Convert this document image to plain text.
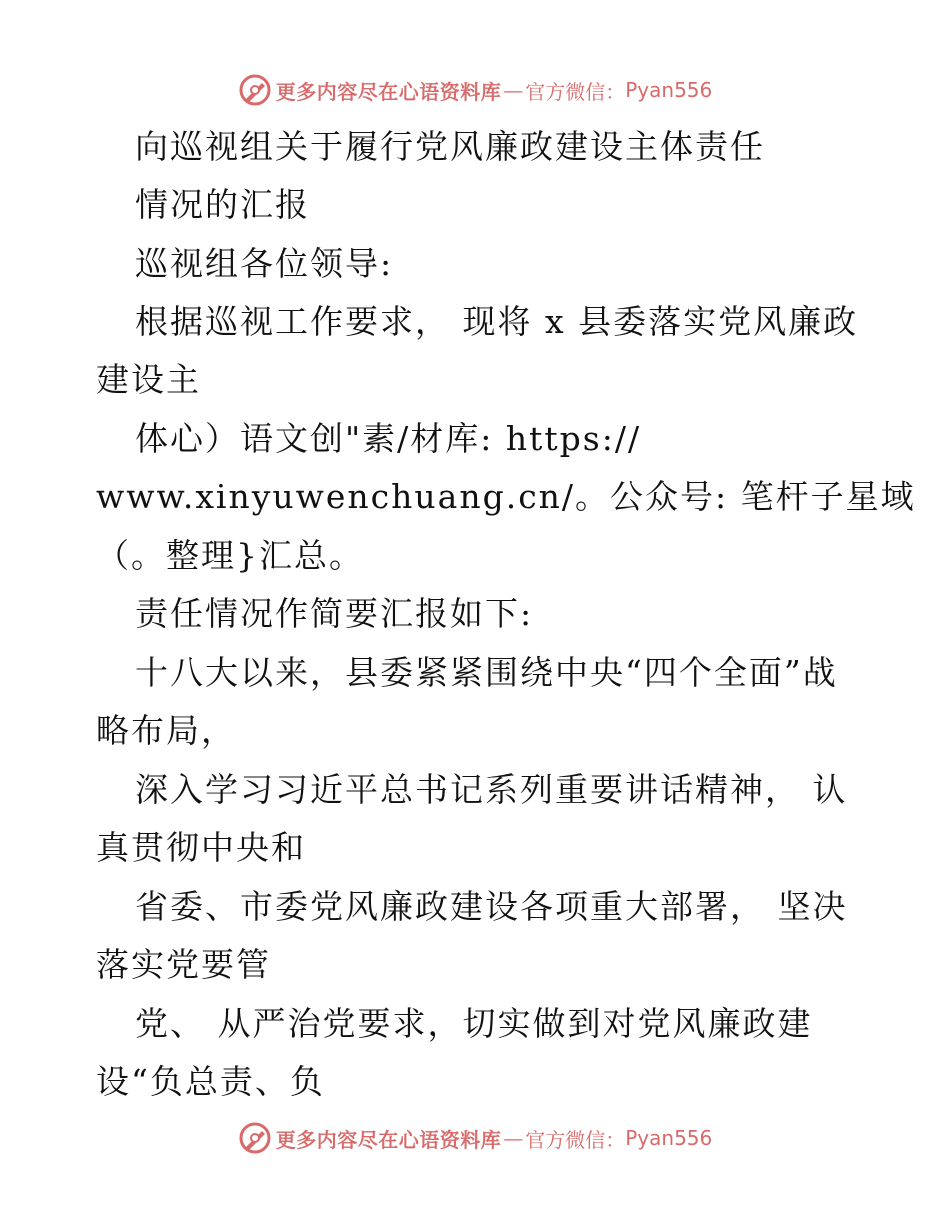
更多内容尽在心语资料库 — 官方微信： Pyan556
向巡视组关于履行党风廉政建设主体责任
情况的汇报
巡视组各位领导:
根据巡视工作要求， 现将 x 县委落实党风廉政
建设主
体心）语文创"素/材库: https://
www.xinyuwenchuang.cn/。公众号: 笔杆子星域
（。整理}汇总。
责任情况作简要汇报如下:
十八大以来，县委紧紧围绕中央“四个全面”战
略布局，
深入学习习近平总书记系列重要讲话精神， 认
真贯彻中央和
省委、市委党风廉政建设各项重大部署， 坚决
落实党要管
党、 从严治党要求，切实做到对党风廉政建
设“负总责、负
更多内容尽在心语资料库 — 官方微信： Pyan556
